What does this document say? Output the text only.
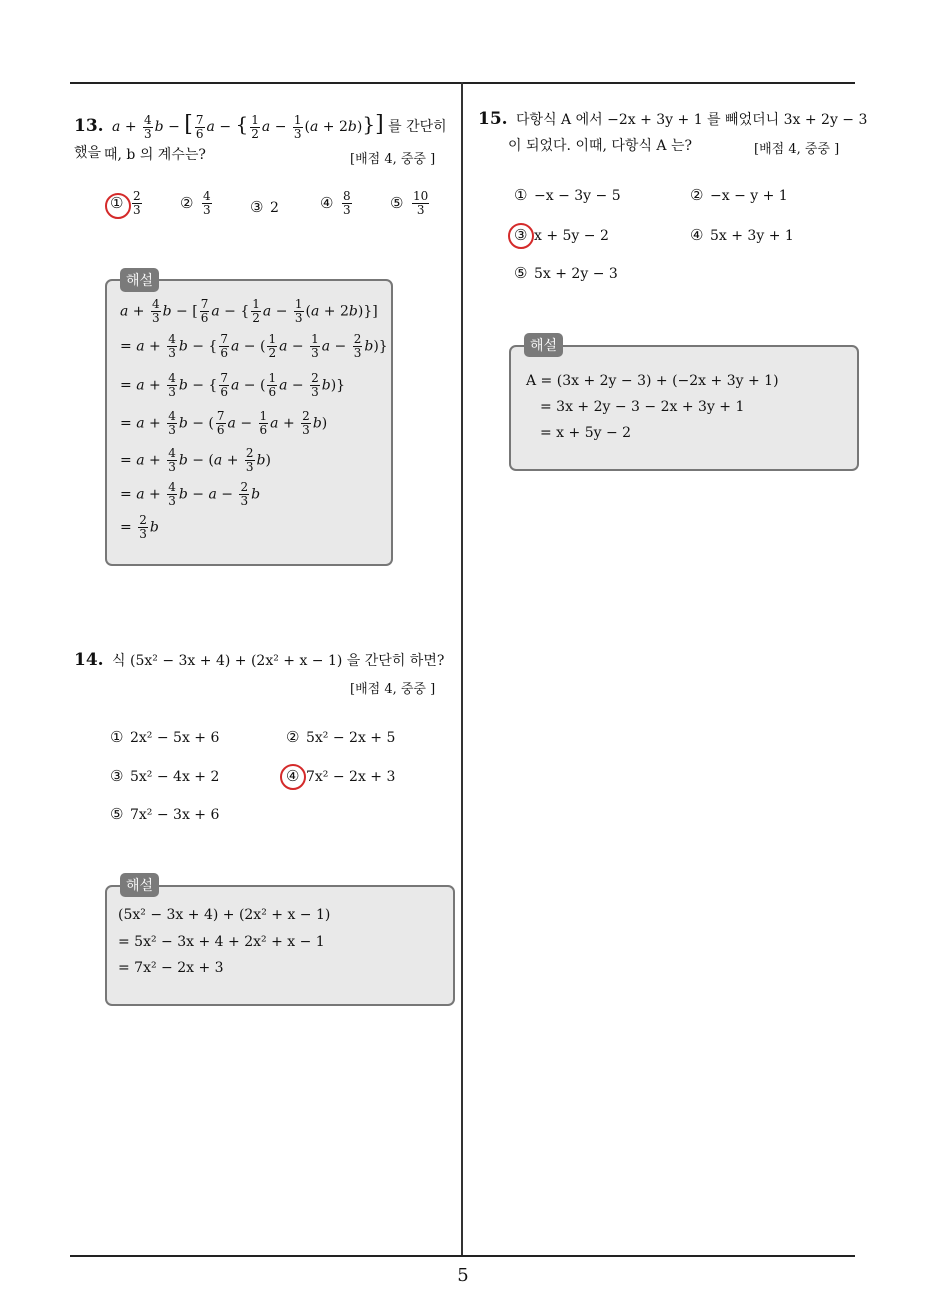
13. $a + \frac{4}{3}$ b − [ $\frac{7}{6}$ a − { $\frac{1}{2}$ $a - \frac{1}{3} (a + 2b)$}] 를 간단히 했을 때, b 의 계수는?	[배점 4, 중중 ]
① $\frac{2}{3}$	② $\frac{4}{3}$	③ 2	④ $\frac{8}{3}$	⑤ $\frac{10}{3}$
해설
$a + \frac{4}{3}$ b − [ $\frac{7}{6}$ a − { $\frac{1}{2}$ $a - \frac{1}{3} (a + 2b)$}]
= $a + \frac{4}{3}$ b − { $\frac{7}{6}$ a − ( $\frac{1}{2}$ $a - \frac{1}{3}$ $a - \frac{2}{3} b$)}
= $a + \frac{4}{3}$ b − { $\frac{7}{6}$ a − ( $\frac{1}{6}$ $a - \frac{2}{3} b$)}
= $a + \frac{4}{3}$ b − ( $\frac{7}{6}$ $a - \frac{1}{6}$ $a + \frac{2}{3} b$)
= $a + \frac{4}{3}$ $b - (a + \frac{2}{3} b)$
= $a + \frac{4}{3}$ $b - a - \frac{2}{3}$ b
= $\frac{2}{3}$ b
14. 식 (5x² − 3x + 4) + (2x² + x − 1) 을 간단히 하면?
[배점 4, 중중 ]
① 2x² − 5x + 6	② 5x² − 2x + 5
③ 5x² − 4x + 2	④ 7x² − 2x + 3
⑤ 7x² − 3x + 6
해설
(5x² − 3x + 4) + (2x² + x − 1)
= 5x² − 3x + 4 + 2x² + x − 1
= 7x² − 2x + 3
15. 다항식 A 에서 −2x + 3y + 1 를 빼었더니 3x + 2y − 3
이 되었다. 이때, 다항식 A 는?	[배점 4, 중중 ]
① −x − 3y − 5	② −x − y + 1
③ x + 5y − 2	④ 5x + 3y + 1
⑤ 5x + 2y − 3
해설
A = (3x + 2y − 3) + (−2x + 3y + 1)
= 3x + 2y − 3 − 2x + 3y + 1
= x + 5y − 2
5
